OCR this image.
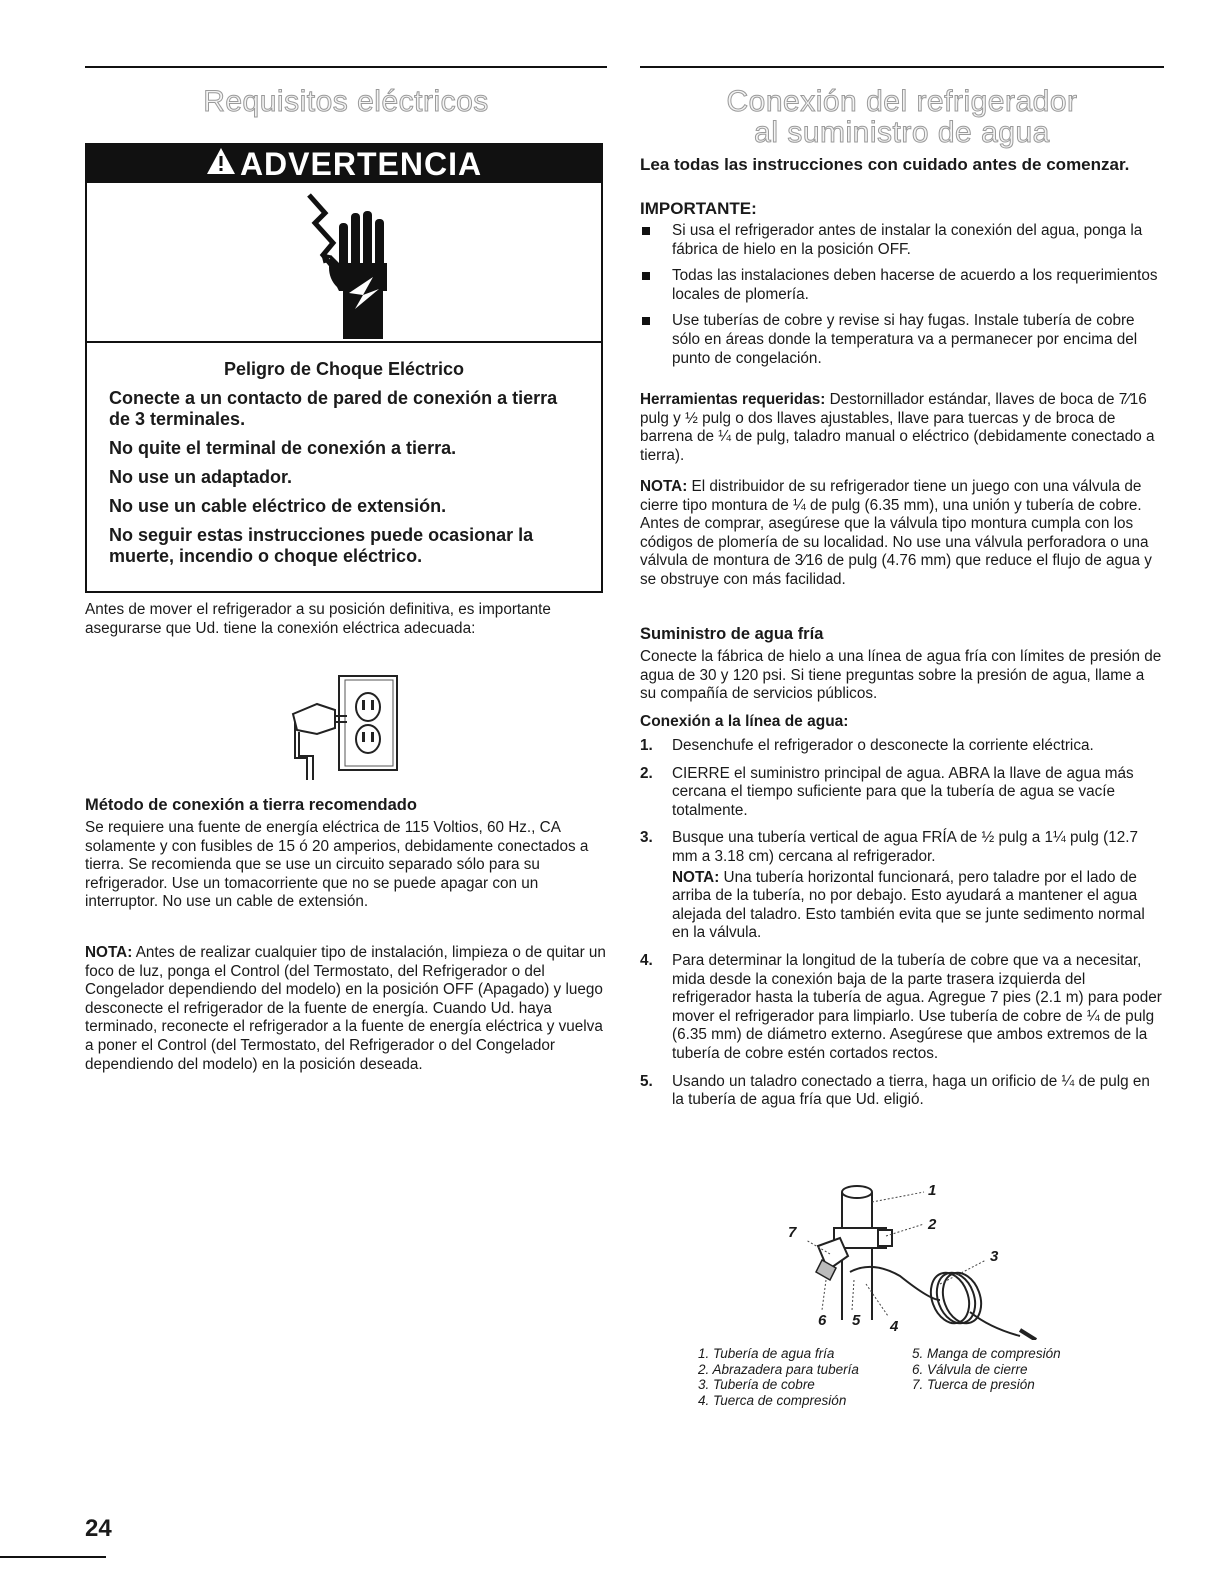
Requisitos eléctricos
ADVERTENCIA

Peligro de Choque Eléctrico

Conecte a un contacto de pared de conexión a tierra de 3 terminales.

No quite el terminal de conexión a tierra.

No use un adaptador.

No use un cable eléctrico de extensión.

No seguir estas instrucciones puede ocasionar la muerte, incendio o choque eléctrico.

Antes de mover el refrigerador a su posición definitiva, es importante asegurarse que Ud. tiene la conexión eléctrica adecuada:

Método de conexión a tierra recomendado

Se requiere una fuente de energía eléctrica de 115 Voltios, 60 Hz., CA solamente y con fusibles de 15 ó 20 amperios, debidamente conectados a tierra. Se recomienda que se use un circuito separado sólo para su refrigerador. Use un tomacorriente que no se puede apagar con un interruptor. No use un cable de extensión.

NOTA: Antes de realizar cualquier tipo de instalación, limpieza o de quitar un foco de luz, ponga el Control (del Termostato, del Refrigerador o del Congelador dependiendo del modelo) en la posición OFF (Apagado) y luego desconecte el refrigerador de la fuente de energía. Cuando Ud. haya terminado, reconecte el refrigerador a la fuente de energía eléctrica y vuelva a poner el Control (del Termostato, del Refrigerador o del Congelador dependiendo del modelo) en la posición deseada.

Conexión del refrigerador
al suministro de agua

Lea todas las instrucciones con cuidado antes de comenzar.

IMPORTANTE:

Si usa el refrigerador antes de instalar la conexión del agua, ponga la fábrica de hielo en la posición OFF.
Todas las instalaciones deben hacerse de acuerdo a los requerimientos locales de plomería.
Use tuberías de cobre y revise si hay fugas. Instale tubería de cobre sólo en áreas donde la temperatura va a permanecer por encima del punto de congelación.

Herramientas requeridas: Destornillador estándar, llaves de boca de 7⁄16 pulg y ½ pulg o dos llaves ajustables, llave para tuercas y de broca de barrena de ¼ de pulg, taladro manual o eléctrico (debidamente conectado a tierra).

NOTA: El distribuidor de su refrigerador tiene un juego con una válvula de cierre tipo montura de ¼ de pulg (6.35 mm), una unión y tubería de cobre. Antes de comprar, asegúrese que la válvula tipo montura cumpla con los códigos de plomería de su localidad. No use una válvula perforadora o una válvula de montura de 3⁄16 de pulg (4.76 mm) que reduce el flujo de agua y se obstruye con más facilidad.

Suministro de agua fría

Conecte la fábrica de hielo a una línea de agua fría con límites de presión de agua de 30 y 120 psi. Si tiene preguntas sobre la presión de agua, llame a su compañía de servicios públicos.

Conexión a la línea de agua:

1. Desenchufe el refrigerador o desconecte la corriente eléctrica.
2. CIERRE el suministro principal de agua. ABRA la llave de agua más cercana el tiempo suficiente para que la tubería de agua se vacíe totalmente.
3. Busque una tubería vertical de agua FRÍA de ½ pulg a 1¼ pulg (12.7 mm a 3.18 cm) cercana al refrigerador.
NOTA: Una tubería horizontal funcionará, pero taladre por el lado de arriba de la tubería, no por debajo. Esto ayudará a mantener el agua alejada del taladro. Esto también evita que se junte sedimento normal en la válvula.
4. Para determinar la longitud de la tubería de cobre que va a necesitar, mida desde la conexión baja de la parte trasera izquierda del refrigerador hasta la tubería de agua. Agregue 7 pies (2.1 m) para poder mover el refrigerador para limpiarlo. Use tubería de cobre de ¼ de pulg (6.35 mm) de diámetro externo. Asegúrese que ambos extremos de la tubería de cobre estén cortados rectos.
5. Usando un taladro conectado a tierra, haga un orificio de ¼ de pulg en la tubería de agua fría que Ud. eligió.
1
2
3
4
5
6
7
1. Tubería de agua fría
2. Abrazadera para tubería
3. Tubería de cobre
4. Tuerca de compresión
5. Manga de compresión
6. Válvula de cierre
7. Tuerca de presión
24
